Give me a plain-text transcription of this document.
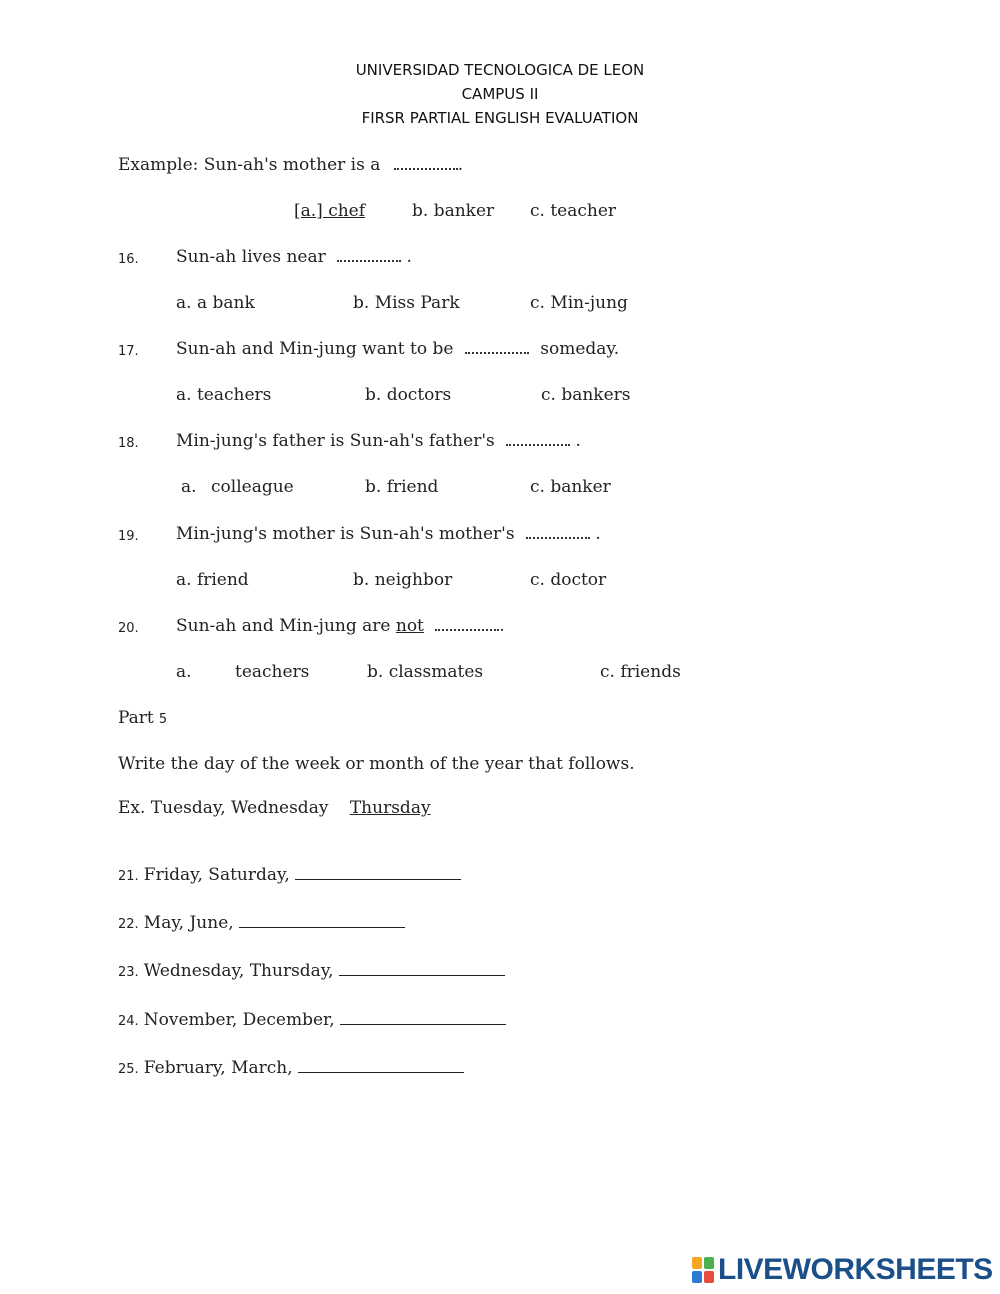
UNIVERSIDAD TECNOLOGICA DE LEON
CAMPUS II
FIRSR PARTIAL ENGLISH EVALUATION
Example: Sun-ah's mother is a	.
[a.] chef	b. banker c. teacher
16. Sun-ah lives near	.
a. a bank	b. Miss Park	c. Min-jung
17. Sun-ah and Min-jung want to be	someday.
a. teachers	b. doctors	c. bankers
18. Min-jung's father is Sun-ah's father's	.
a. colleague	b. friend	c. banker
19. Min-jung's mother is Sun-ah's mother's	.
a. friend	b. neighbor	c. doctor
20. Sun-ah and Min-jung are not	.
a.	teachers	b. classmates	c. friends
Part 5
Write the day of the week or month of the year that follows.
Ex. Tuesday, Wednesday Thursday
21. Friday, Saturday,
22. May, June,
23. Wednesday, Thursday,
24. November, December,
25. February, March,
LIVEWORKSHEETS
